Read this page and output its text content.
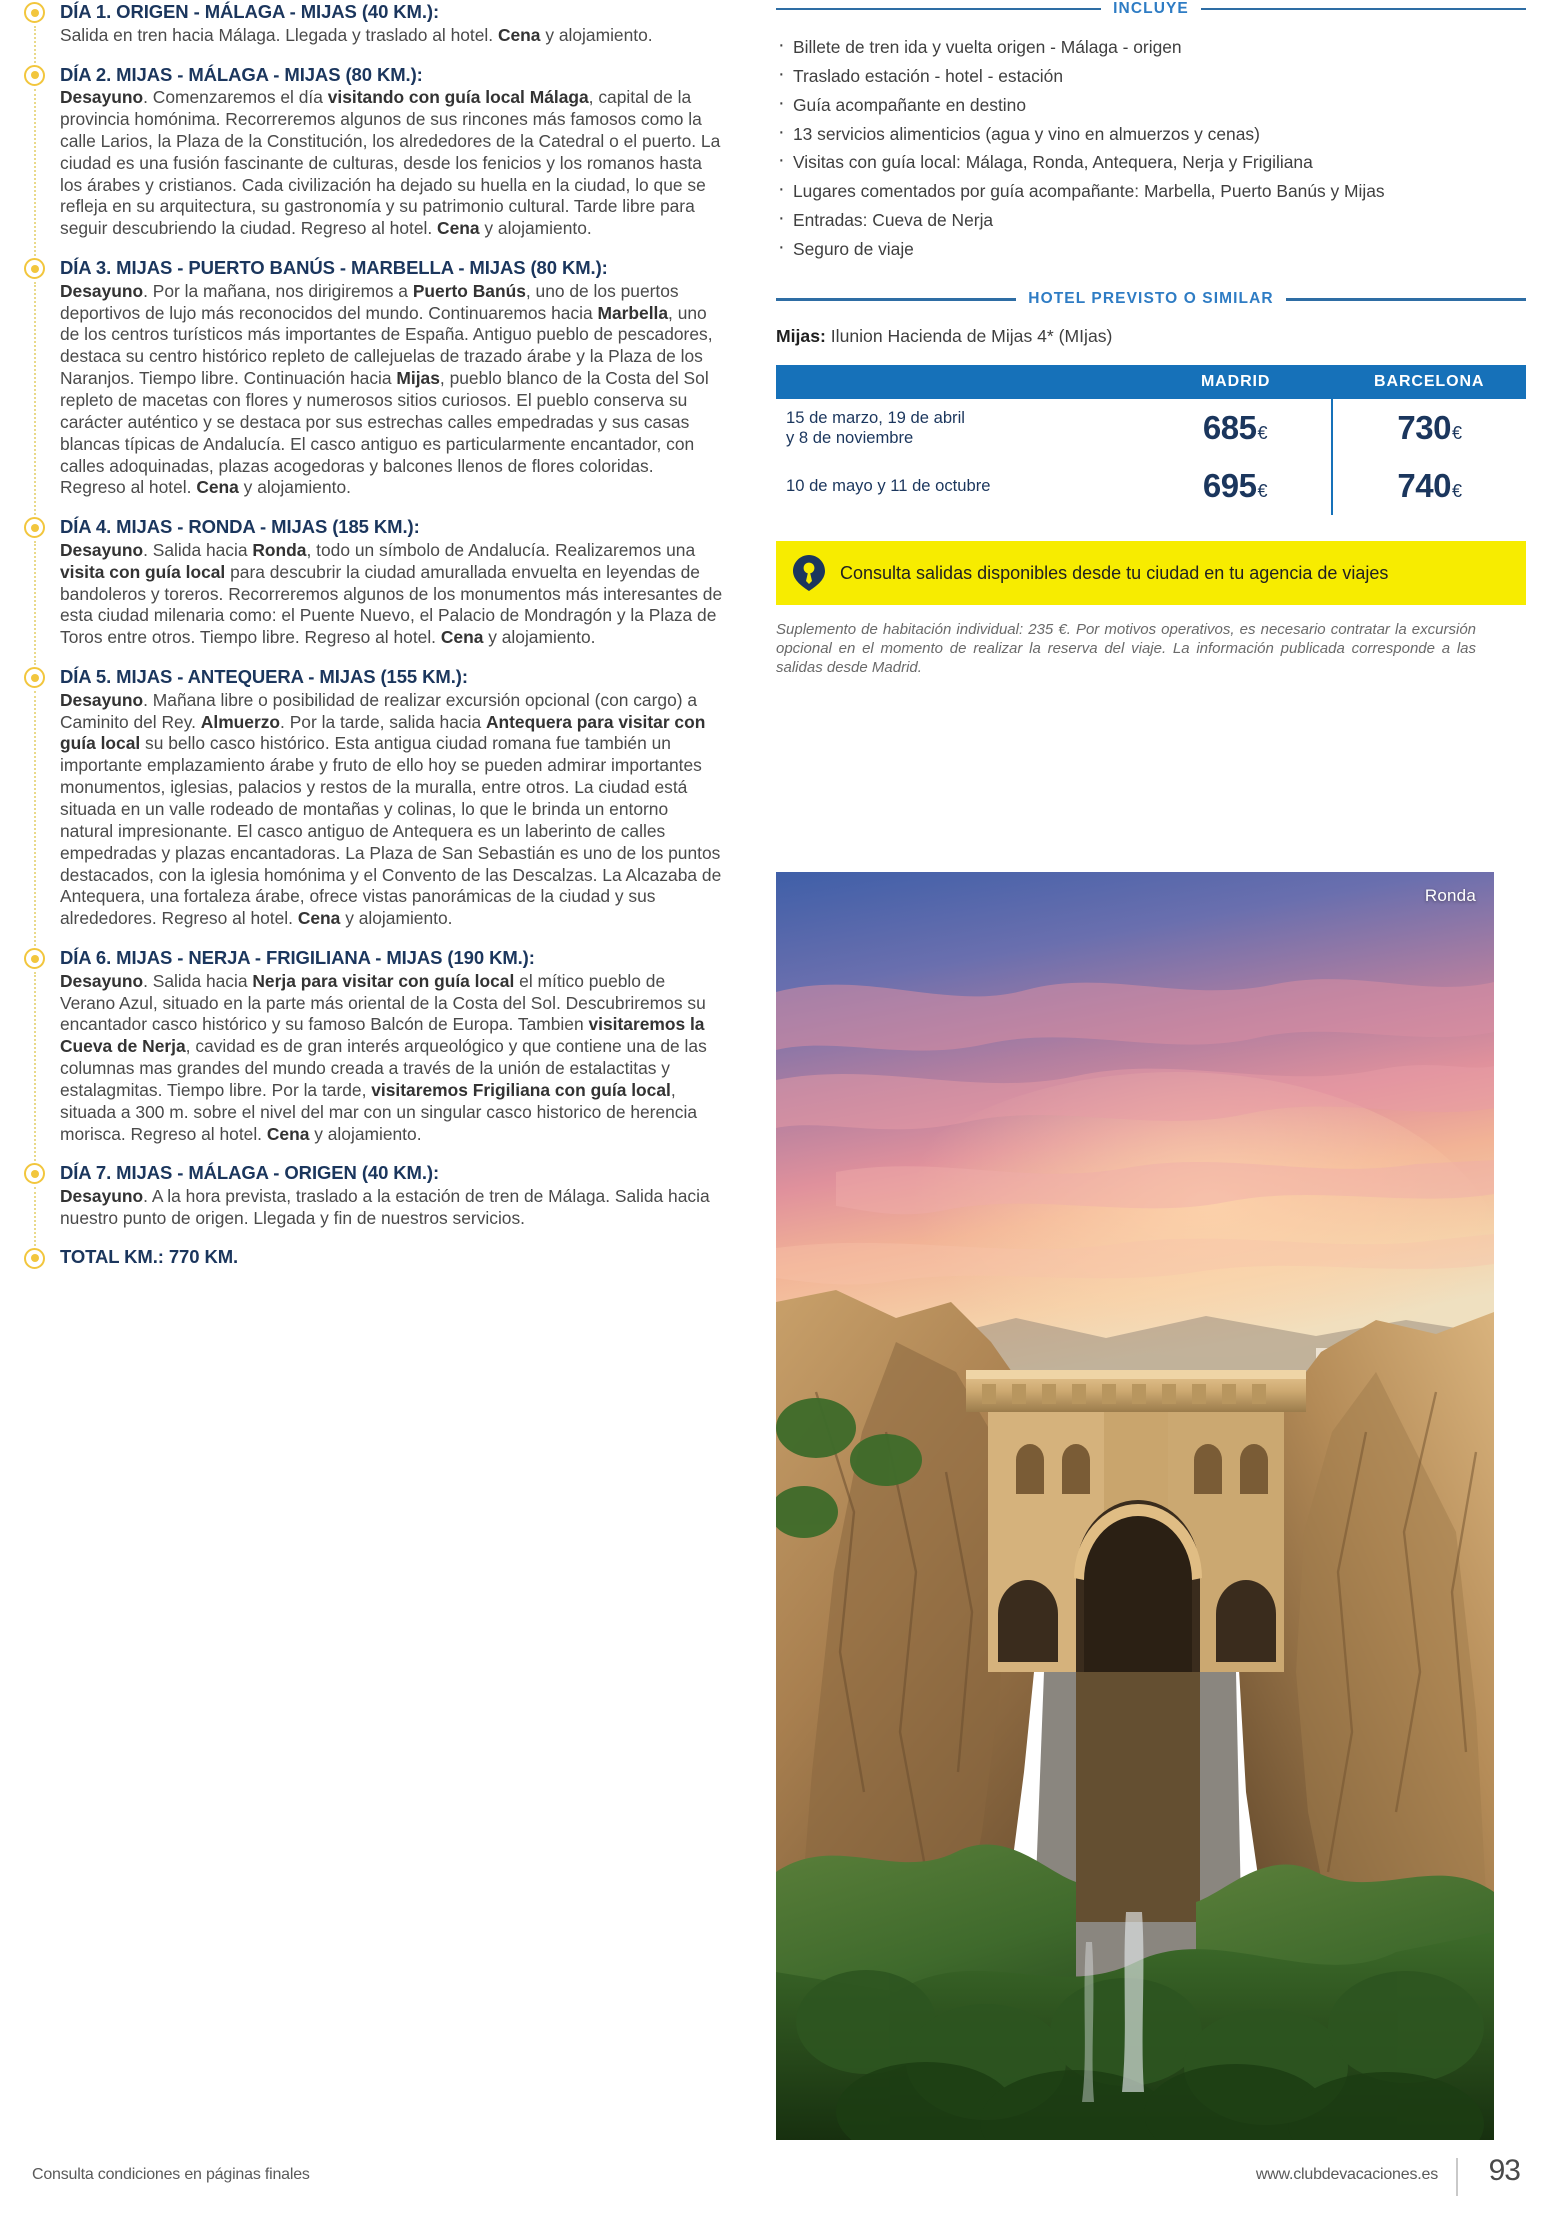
DÍA 1. ORIGEN - MÁLAGA - MIJAS (40 KM.):
Salida en tren hacia Málaga. Llegada y traslado al hotel. Cena y alojamiento.
DÍA 2. MIJAS - MÁLAGA - MIJAS (80 KM.):
Desayuno. Comenzaremos el día visitando con guía local Málaga, capital de la provincia homónima. Recorreremos algunos de sus rincones más famosos como la calle Larios, la Plaza de la Constitución, los alrededores de la Catedral o el puerto. La ciudad es una fusión fascinante de culturas, desde los fenicios y los romanos hasta los árabes y cristianos. Cada civilización ha dejado su huella en la ciudad, lo que se refleja en su arquitectura, su gastronomía y su patrimonio cultural. Tarde libre para seguir descubriendo la ciudad. Regreso al hotel. Cena y alojamiento.
DÍA 3. MIJAS - PUERTO BANÚS - MARBELLA - MIJAS (80 KM.):
Desayuno. Por la mañana, nos dirigiremos a Puerto Banús, uno de los puertos deportivos de lujo más reconocidos del mundo. Continuaremos hacia Marbella, uno de los centros turísticos más importantes de España. Antiguo pueblo de pescadores, destaca su centro histórico repleto de callejuelas de trazado árabe y la Plaza de los Naranjos. Tiempo libre. Continuación hacia Mijas, pueblo blanco de la Costa del Sol repleto de macetas con flores y numerosos sitios curiosos. El pueblo conserva su carácter auténtico y se destaca por sus estrechas calles empedradas y sus casas blancas típicas de Andalucía. El casco antiguo es particularmente encantador, con calles adoquinadas, plazas acogedoras y balcones llenos de flores coloridas. Regreso al hotel. Cena y alojamiento.
DÍA 4. MIJAS - RONDA - MIJAS (185 KM.):
Desayuno. Salida hacia Ronda, todo un símbolo de Andalucía. Realizaremos una visita con guía local para descubrir la ciudad amurallada envuelta en leyendas de bandoleros y toreros. Recorreremos algunos de los monumentos más interesantes de esta ciudad milenaria como: el Puente Nuevo, el Palacio de Mondragón y la Plaza de Toros entre otros. Tiempo libre. Regreso al hotel. Cena y alojamiento.
DÍA 5. MIJAS - ANTEQUERA - MIJAS (155 KM.):
Desayuno. Mañana libre o posibilidad de realizar excursión opcional (con cargo) a Caminito del Rey. Almuerzo. Por la tarde, salida hacia Antequera para visitar con guía local su bello casco histórico. Esta antigua ciudad romana fue también un importante emplazamiento árabe y fruto de ello hoy se pueden admirar importantes monumentos, iglesias, palacios y restos de la muralla, entre otros. La ciudad está situada en un valle rodeado de montañas y colinas, lo que le brinda un entorno natural impresionante. El casco antiguo de Antequera es un laberinto de calles empedradas y plazas encantadoras. La Plaza de San Sebastián es uno de los puntos destacados, con la iglesia homónima y el Convento de las Descalzas. La Alcazaba de Antequera, una fortaleza árabe, ofrece vistas panorámicas de la ciudad y sus alrededores. Regreso al hotel. Cena y alojamiento.
DÍA 6. MIJAS - NERJA - FRIGILIANA - MIJAS (190 KM.):
Desayuno. Salida hacia Nerja para visitar con guía local el mítico pueblo de Verano Azul, situado en la parte más oriental de la Costa del Sol. Descubriremos su encantador casco histórico y su famoso Balcón de Europa. Tambien visitaremos la Cueva de Nerja, cavidad es de gran interés arqueológico y que contiene una de las columnas mas grandes del mundo creada a través de la unión de estalactitas y estalagmitas. Tiempo libre. Por la tarde, visitaremos Frigiliana con guía local, situada a 300 m. sobre el nivel del mar con un singular casco historico de herencia morisca. Regreso al hotel. Cena y alojamiento.
DÍA 7. MIJAS - MÁLAGA - ORIGEN (40 KM.):
Desayuno. A la hora prevista, traslado a la estación de tren de Málaga. Salida hacia nuestro punto de origen. Llegada y fin de nuestros servicios.
TOTAL KM.: 770 KM.
INCLUYE
· Billete de tren ida y vuelta origen - Málaga - origen
· Traslado estación - hotel - estación
· Guía acompañante en destino
· 13 servicios alimenticios (agua y vino en almuerzos y cenas)
· Visitas con guía local: Málaga, Ronda, Antequera, Nerja y Frigiliana
· Lugares comentados por guía acompañante: Marbella, Puerto Banús y Mijas
· Entradas: Cueva de Nerja
· Seguro de viaje
HOTEL PREVISTO O SIMILAR
Mijas: Ilunion Hacienda de Mijas 4* (MIjas)
	MADRID	BARCELONA
15 de marzo, 19 de abril
y 8 de noviembre	685€	730€
10 de mayo y 11 de octubre	695€	740€
Consulta salidas disponibles desde tu ciudad en tu agencia de viajes
Suplemento de habitación individual: 235 €. Por motivos operativos, es necesario contratar la excursión opcional en el momento de realizar la reserva del viaje. La información publicada corresponde a las salidas desde Madrid.
Ronda
Consulta condiciones en páginas finales	www.clubdevacaciones.es 93
